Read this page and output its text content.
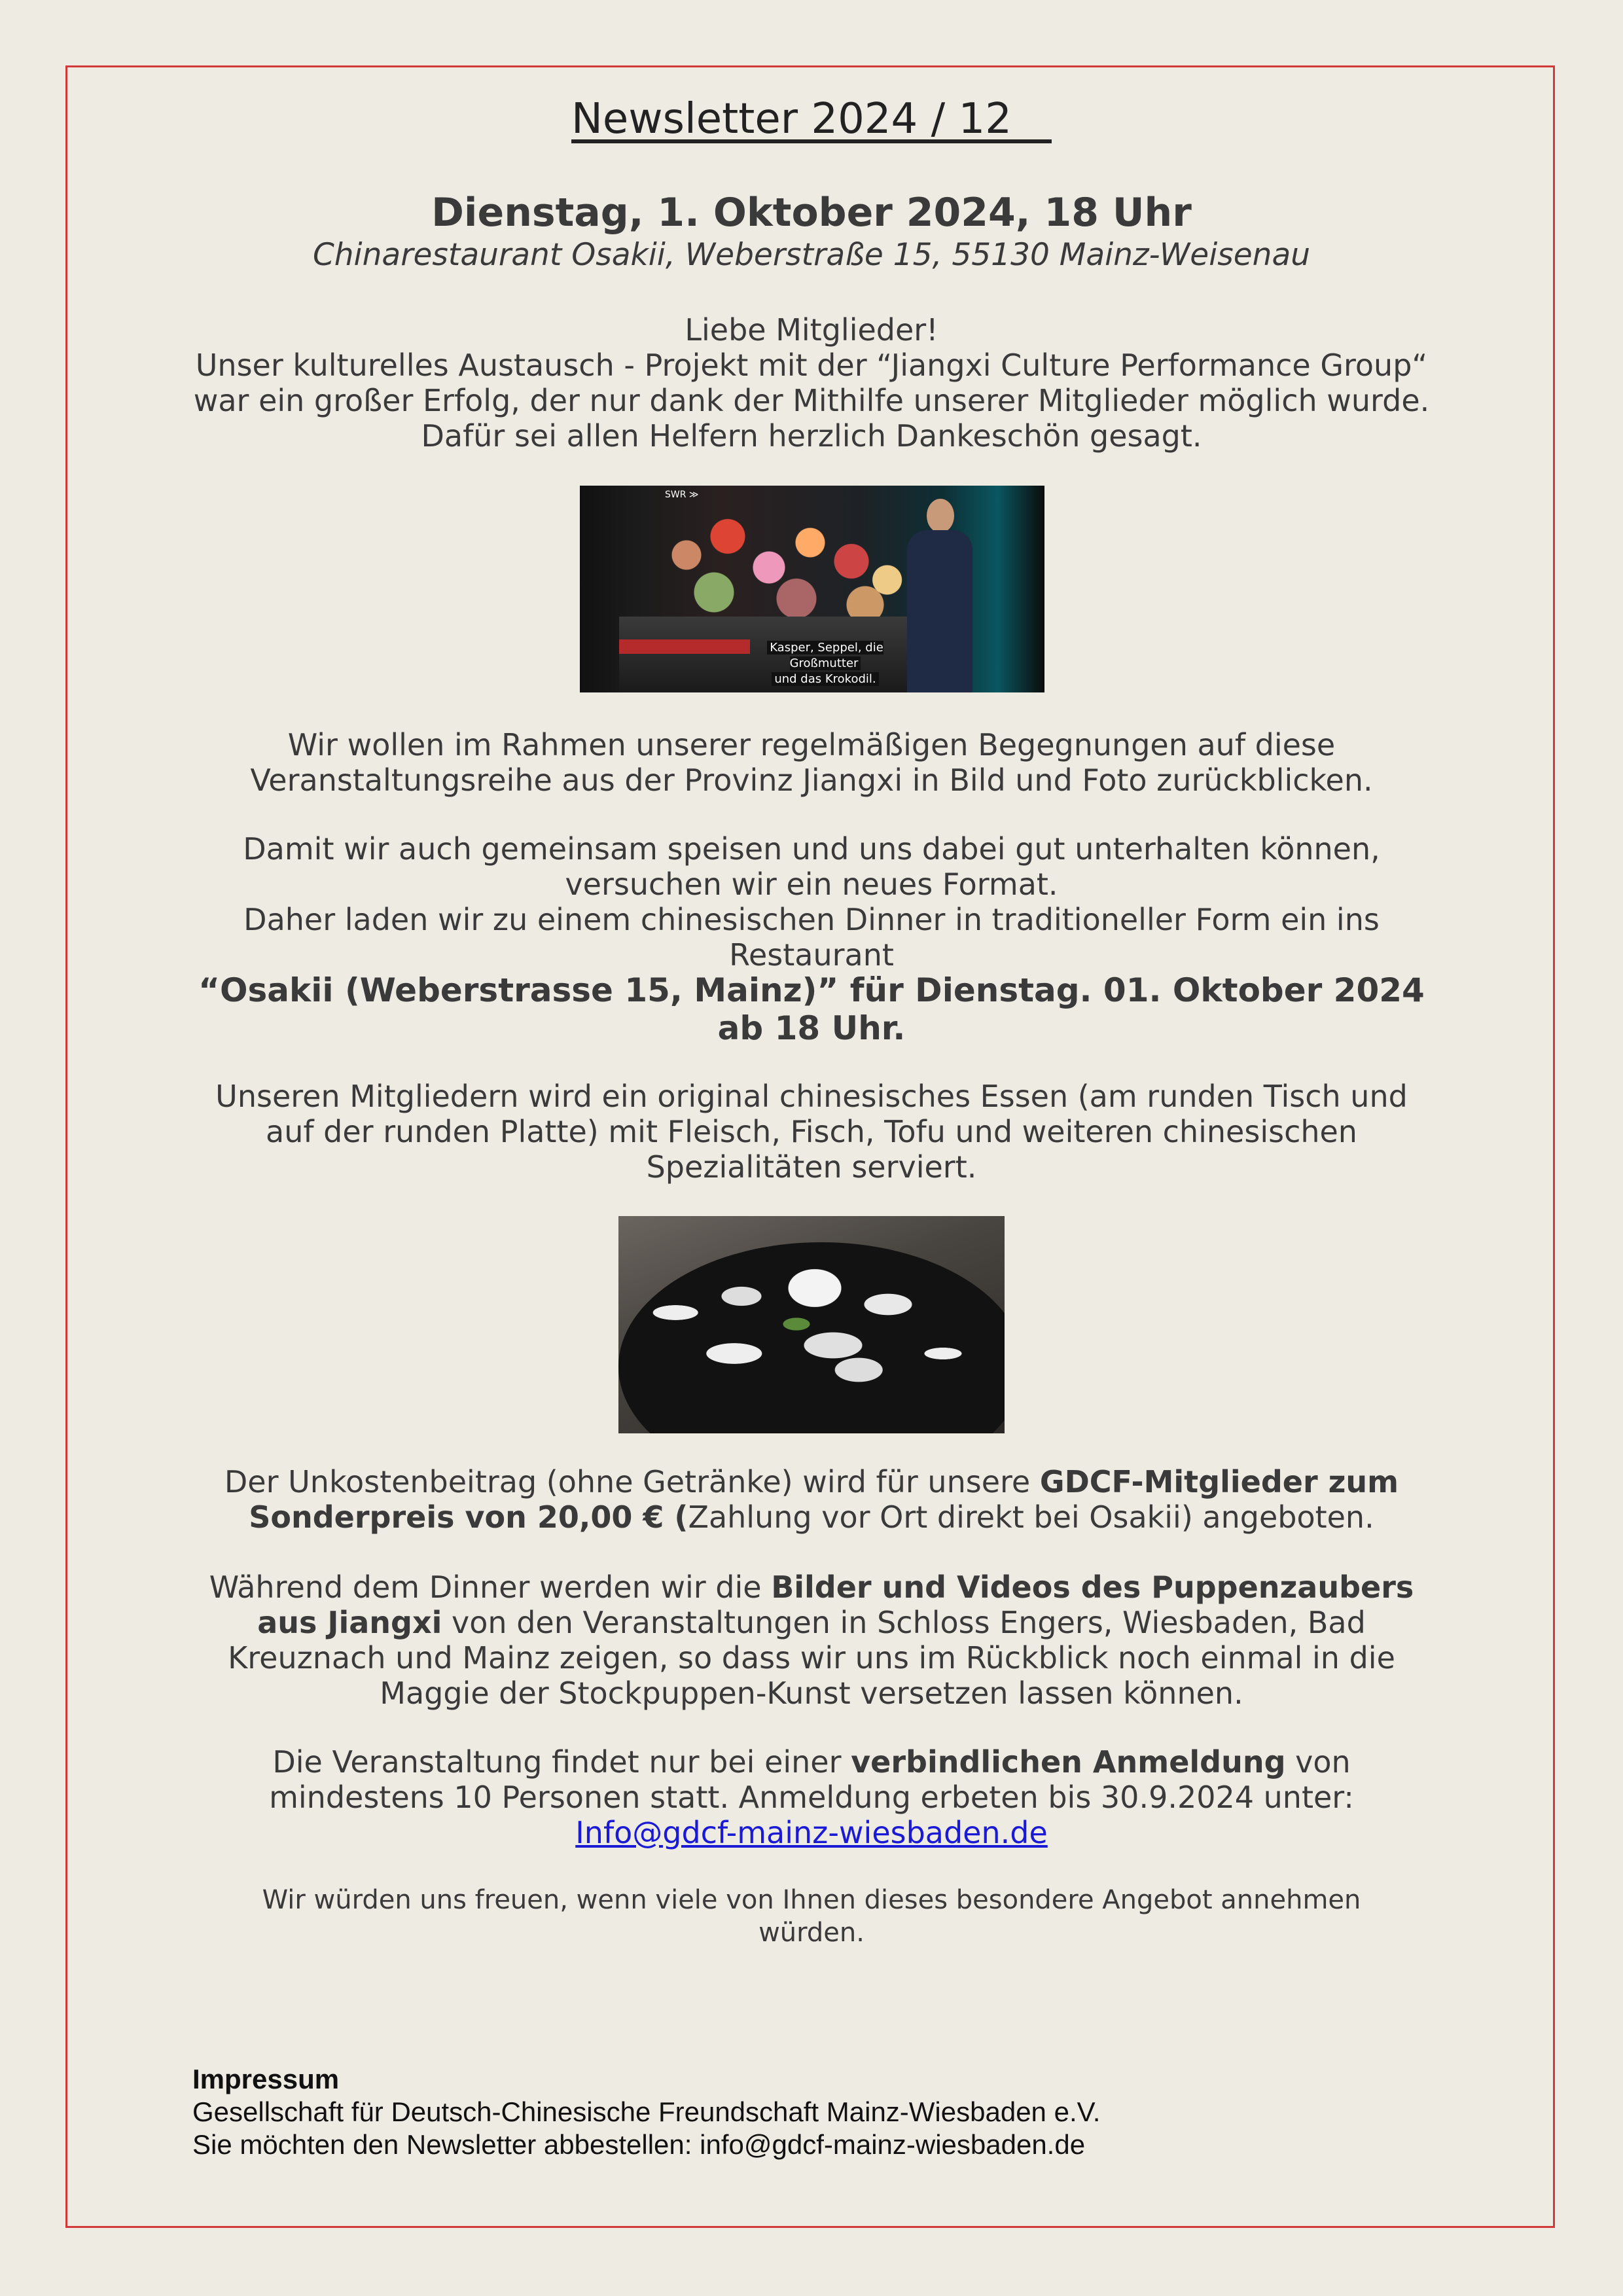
Newsletter 2024 / 12
Dienstag, 1. Oktober 2024, 18 Uhr
Chinarestaurant Osakii, Weberstraße 15, 55130 Mainz-Weisenau
Liebe Mitglieder!
Unser kulturelles Austausch - Projekt mit der “Jiangxi Culture Performance Group“
war ein großer Erfolg, der nur dank der Mithilfe unserer Mitglieder möglich wurde.
Dafür sei allen Helfern herzlich Dankeschön gesagt.
SWR ≫
Kasper, Seppel, die Großmutter
und das Krokodil.
Wir wollen im Rahmen unserer regelmäßigen Begegnungen auf diese
Veranstaltungsreihe aus der Provinz Jiangxi in Bild und Foto zurückblicken.
Damit wir auch gemeinsam speisen und uns dabei gut unterhalten können,
versuchen wir ein neues Format.
Daher laden wir zu einem chinesischen Dinner in traditioneller Form ein ins
Restaurant
“Osakii (Weberstrasse 15, Mainz)” für Dienstag. 01. Oktober 2024
ab 18 Uhr.
Unseren Mitgliedern wird ein original chinesisches Essen (am runden Tisch und
auf der runden Platte) mit Fleisch, Fisch, Tofu und weiteren chinesischen
Spezialitäten serviert.
Der Unkostenbeitrag (ohne Getränke) wird für unsere GDCF-Mitglieder zum
Sonderpreis von 20,00 € (Zahlung vor Ort direkt bei Osakii) angeboten.
Während dem Dinner werden wir die Bilder und Videos des Puppenzaubers
aus Jiangxi von den Veranstaltungen in Schloss Engers, Wiesbaden, Bad
Kreuznach und Mainz zeigen, so dass wir uns im Rückblick noch einmal in die
Maggie der Stockpuppen-Kunst versetzen lassen können.
Die Veranstaltung findet nur bei einer verbindlichen Anmeldung von
mindestens 10 Personen statt. Anmeldung erbeten bis 30.9.2024 unter:
Info@gdcf-mainz-wiesbaden.de
Wir würden uns freuen, wenn viele von Ihnen dieses besondere Angebot annehmen
würden.
Impressum
Gesellschaft für Deutsch-Chinesische Freundschaft Mainz-Wiesbaden e.V.
Sie möchten den Newsletter abbestellen: info@gdcf-mainz-wiesbaden.de
